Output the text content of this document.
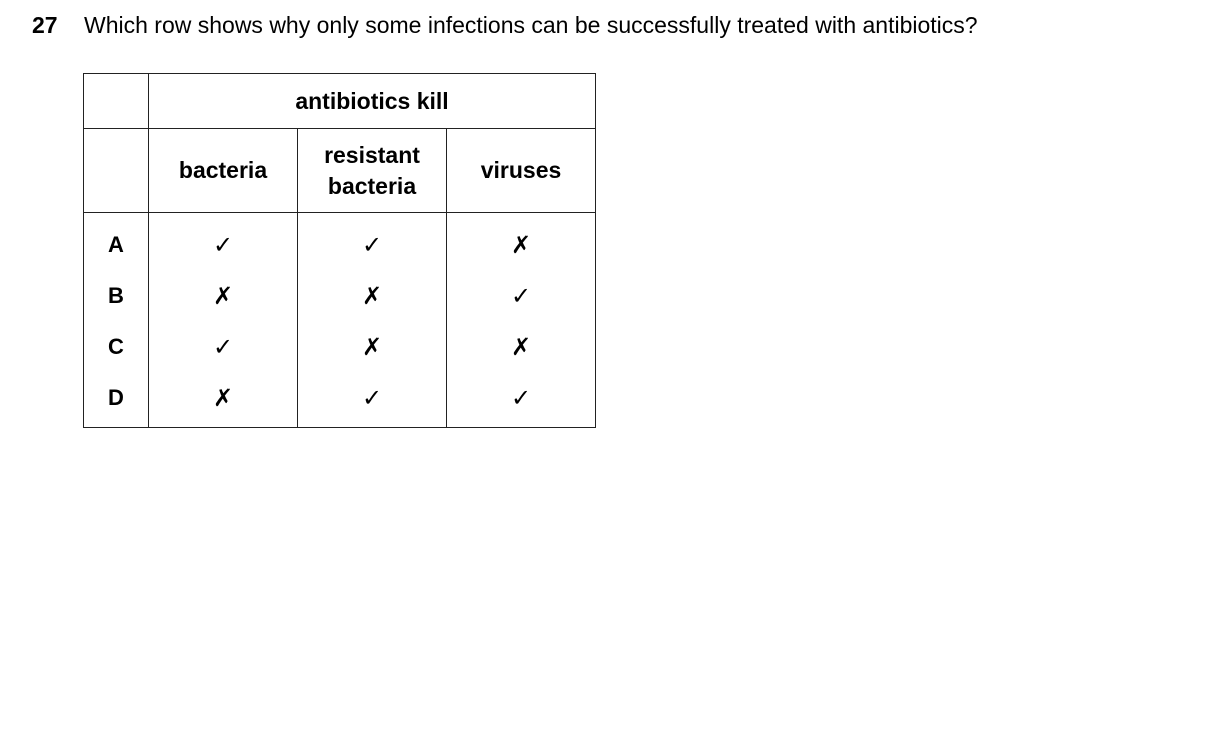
27 Which row shows why only some infections can be successfully treated with antibiotics?
	antibiotics kill		

	bacteria	resistant
bacteria	viruses

A	✓	✓	✗
B	✗	✗	✓
C	✓	✗	✗
D	✗	✓	✓
